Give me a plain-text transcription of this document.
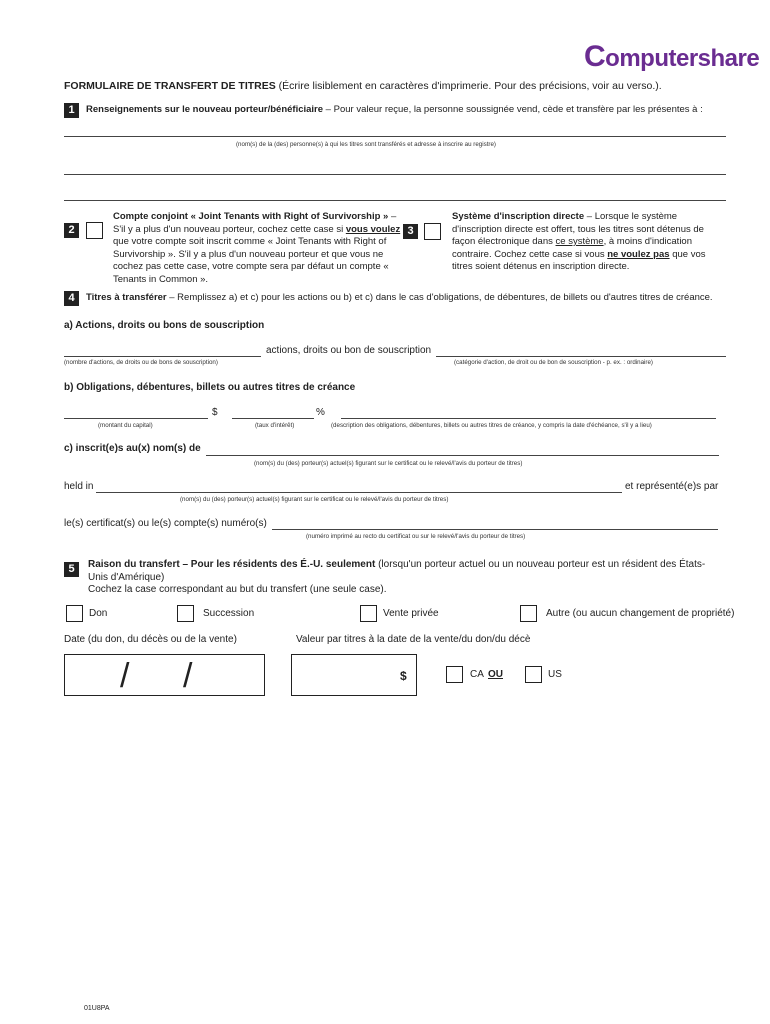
Computershare
FORMULAIRE DE TRANSFERT DE TITRES (Écrire lisiblement en caractères d'imprimerie. Pour des précisions, voir au verso.).
1	Renseignements sur le nouveau porteur/bénéficiaire – Pour valeur reçue, la personne soussignée vend, cède et transfère par les présentes à :
(nom(s) de la (des) personne(s) à qui les titres sont transférés et adresse à inscrire au registre)
2
Compte conjoint « Joint Tenants with Right of Survivorship » – S'il y a plus d'un nouveau porteur, cochez cette case si vous voulez que votre compte soit inscrit comme « Joint Tenants with Right of Survivorship ». S'il y a plus d'un nouveau porteur et que vous ne cochez pas cette case, votre compte sera par défaut un compte « Tenants in Common ».
3
Système d'inscription directe – Lorsque le système d'inscription directe est offert, tous les titres sont détenus de façon électronique dans ce système, à moins d'indication contraire. Cochez cette case si vous ne voulez pas que vos titres soient détenus en inscription directe.
4	Titres à transférer – Remplissez a) et c) pour les actions ou b) et c) dans le cas d'obligations, de débentures, de billets ou d'autres titres de créance.
a) Actions, droits ou bons de souscription
actions, droits ou bon de souscription
(nombre d'actions, de droits ou de bons de souscription)	(catégorie d'action, de droit ou de bon de souscription - p. ex. : ordinaire)
b) Obligations, débentures, billets ou autres titres de créance
$	%
(montant du capital)	(taux d'intérêt)	(description des obligations, débentures, billets ou autres titres de créance, y compris la date d'échéance, s'il y a lieu)
c) inscrit(e)s au(x) nom(s) de
(nom(s) du (des) porteur(s) actuel(s) figurant sur le certificat ou le relevé/l'avis du porteur de titres)
held in	et représenté(e)s par
(nom(s) du (des) porteur(s) actuel(s) figurant sur le certificat ou le relevé/l'avis du porteur de titres)
le(s) certificat(s) ou le(s) compte(s) numéro(s)
(numéro imprimé au recto du certificat ou sur le relevé/l'avis du porteur de titres)
5	Raison du transfert – Pour les résidents des É.-U. seulement (lorsqu'un porteur actuel ou un nouveau porteur est un résident des États-Unis d'Amérique)
Cochez la case correspondant au but du transfert (une seule case).
Don	Succession	Vente privée	Autre (ou aucun changement de propriété)
Date (du don, du décès ou de la vente)	Valeur par titres à la date de la vente/du don/du décè
/ /	$	CA OU	US
01U8PA
